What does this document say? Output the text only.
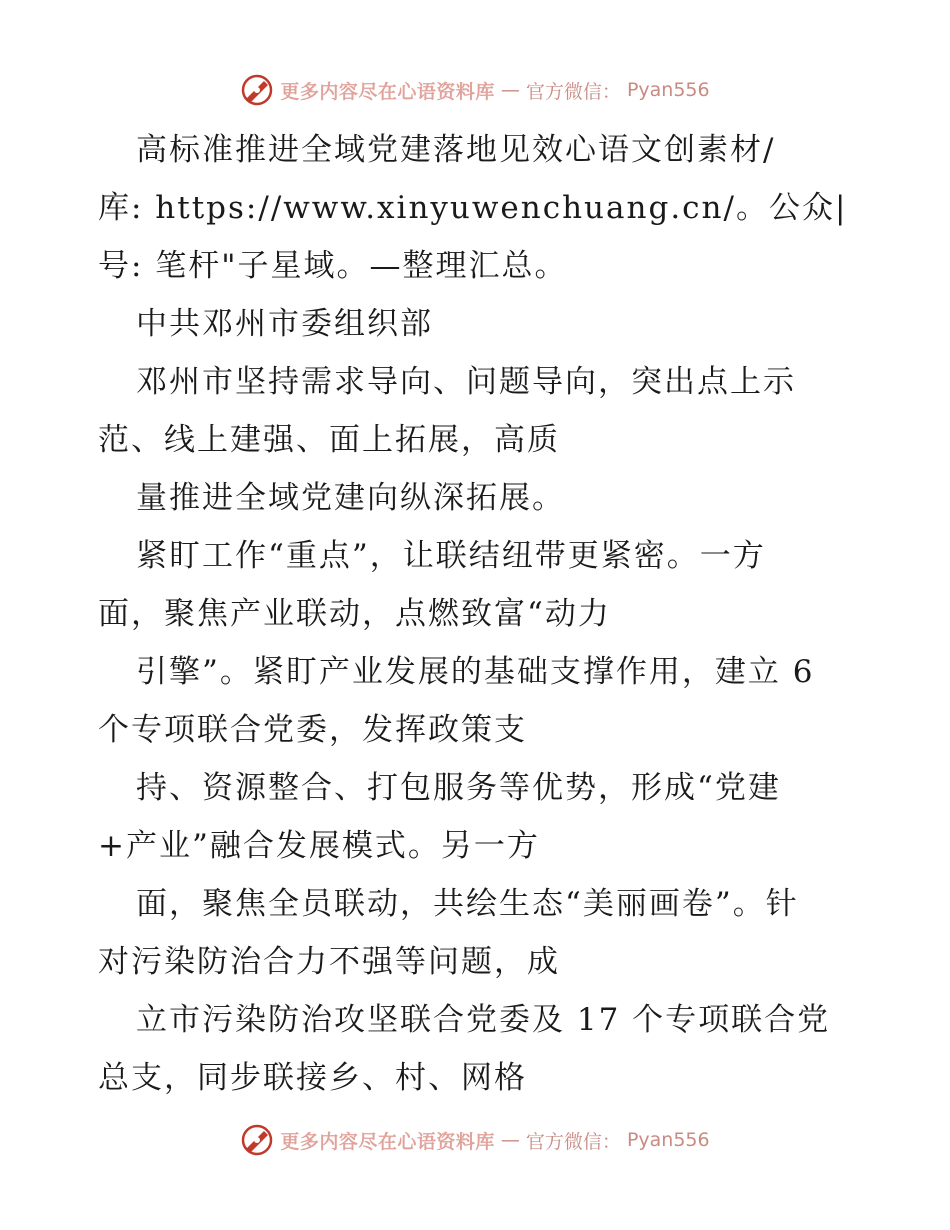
更多内容尽在心语资料库 — 官方微信： Pyan556
高标准推进全域党建落地见效心语文创素材/
库: https://www.xinyuwenchuang.cn/。公众|
号: 笔杆"子星域。—整理汇总。
中共邓州市委组织部
邓州市坚持需求导向、问题导向，突出点上示
范、线上建强、面上拓展，高质
量推进全域党建向纵深拓展。
紧盯工作“重点”，让联结纽带更紧密。一方
面，聚焦产业联动，点燃致富“动力
引擎”。紧盯产业发展的基础支撑作用，建立 6
个专项联合党委，发挥政策支
持、资源整合、打包服务等优势，形成“党建
+产业”融合发展模式。另一方
面，聚焦全员联动，共绘生态“美丽画卷”。针
对污染防治合力不强等问题，成
立市污染防治攻坚联合党委及 17 个专项联合党
总支，同步联接乡、村、网格
更多内容尽在心语资料库 — 官方微信： Pyan556
